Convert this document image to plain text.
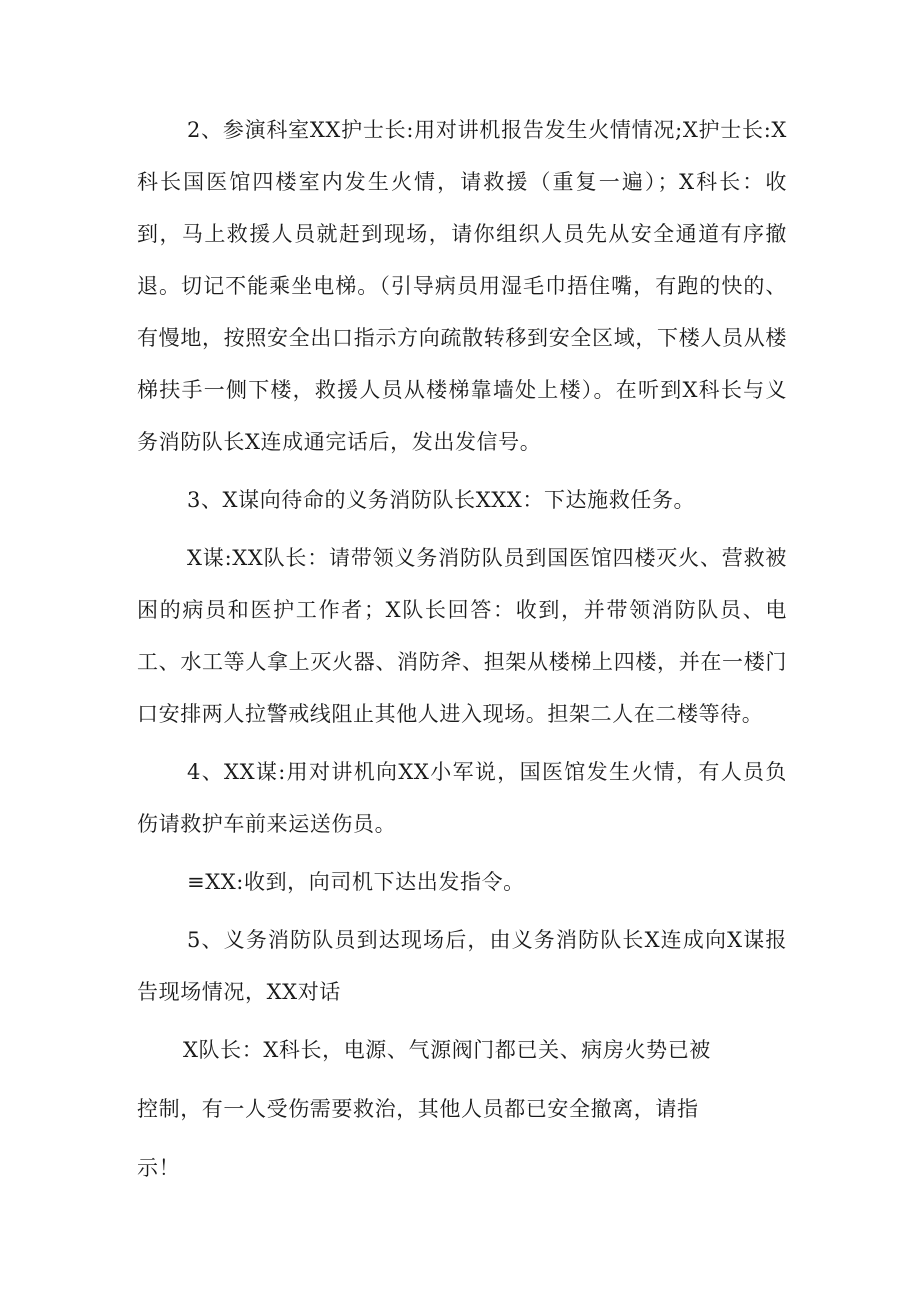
2、参演科室XX护士长:用对讲机报告发生火情情况;X护士长:X科长国医馆四楼室内发生火情，请救援（重复一遍）；X科长：收到，马上救援人员就赶到现场，请你组织人员先从安全通道有序撤退。切记不能乘坐电梯。（引导病员用湿毛巾捂住嘴，有跑的快的、有慢地，按照安全出口指示方向疏散转移到安全区域，下楼人员从楼梯扶手一侧下楼，救援人员从楼梯靠墙处上楼）。在听到X科长与义务消防队长X连成通完话后，发出发信号。

3、X谋向待命的义务消防队长XXX：下达施救任务。

X谋:XX队长：请带领义务消防队员到国医馆四楼灭火、营救被困的病员和医护工作者；X队长回答：收到，并带领消防队员、电工、水工等人拿上灭火器、消防斧、担架从楼梯上四楼，并在一楼门口安排两人拉警戒线阻止其他人进入现场。担架二人在二楼等待。

4、XX谋:用对讲机向XX小军说，国医馆发生火情，有人员负伤请救护车前来运送伤员。

≡XX:收到，向司机下达出发指令。

5、义务消防队员到达现场后，由义务消防队长X连成向X谋报告现场情况，XX对话

X队长：X科长，电源、气源阀门都已关、病房火势已被
控制，有一人受伤需要救治，其他人员都已安全撤离，请指
示！
